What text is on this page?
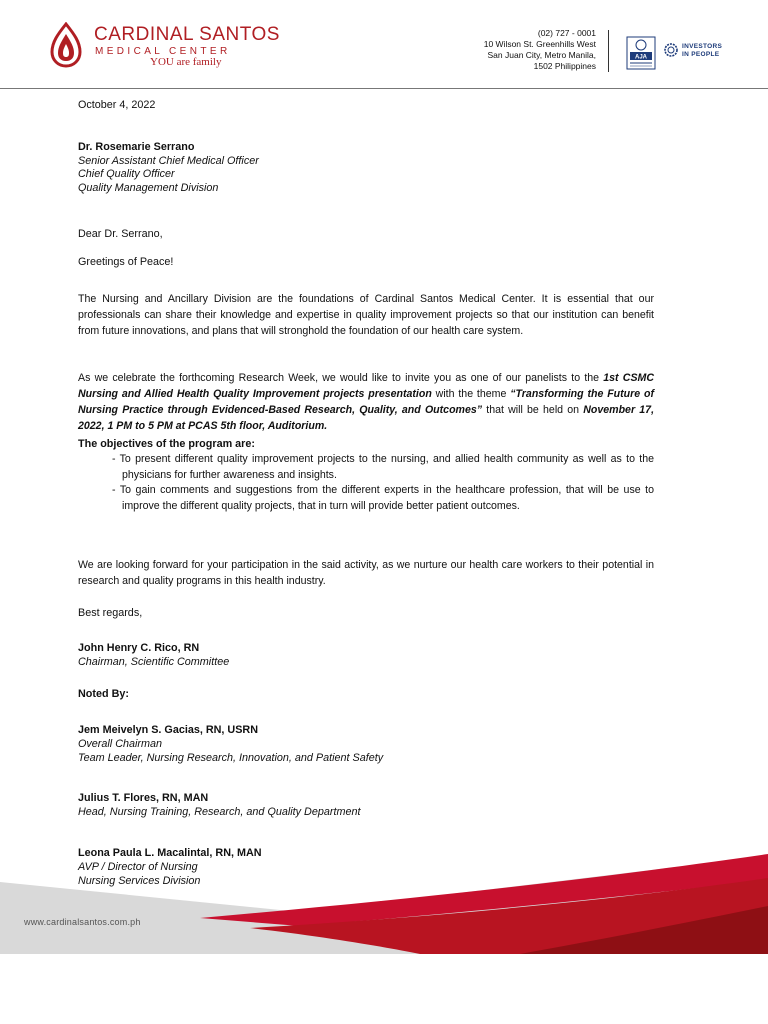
CARDINAL SANTOS
MEDICAL CENTER
YOU are family
(02) 727 - 0001
10 Wilson St. Greenhills West
San Juan City, Metro Manila,
1502 Philippines
AJA
INVESTORS
IN PEOPLE
October 4, 2022
Dr. Rosemarie Serrano
Senior Assistant Chief Medical Officer
Chief Quality Officer
Quality Management Division
Dear Dr. Serrano,
Greetings of Peace!

The Nursing and Ancillary Division are the foundations of Cardinal Santos Medical Center. It is essential that our professionals can share their knowledge and expertise in quality improvement projects so that our institution can benefit from future innovations, and plans that will stronghold the foundation of our health care system.

As we celebrate the forthcoming Research Week, we would like to invite you as one of our panelists to the 1st CSMC Nursing and Allied Health Quality Improvement projects presentation with the theme “Transforming the Future of Nursing Practice through Evidenced-Based Research, Quality, and Outcomes” that will be held on November 17, 2022, 1 PM to 5 PM at PCAS 5th floor, Auditorium.

The objectives of the program are:

- To present different quality improvement projects to the nursing, and allied health community as well as to the physicians for further awareness and insights.

- To gain comments and suggestions from the different experts in the healthcare profession, that will be use to improve the different quality projects, that in turn will provide better patient outcomes.

We are looking forward for your participation in the said activity, as we nurture our health care workers to their potential in research and quality programs in this health industry.

Best regards,
John Henry C. Rico, RN
Chairman, Scientific Committee
Noted By:
Jem Meivelyn S. Gacias, RN, USRN
Overall Chairman
Team Leader, Nursing Research, Innovation, and Patient Safety
Julius T. Flores, RN, MAN
Head, Nursing Training, Research, and Quality Department
Leona Paula L. Macalintal, RN, MAN
AVP / Director of Nursing
Nursing Services Division
www.cardinalsantos.com.ph
